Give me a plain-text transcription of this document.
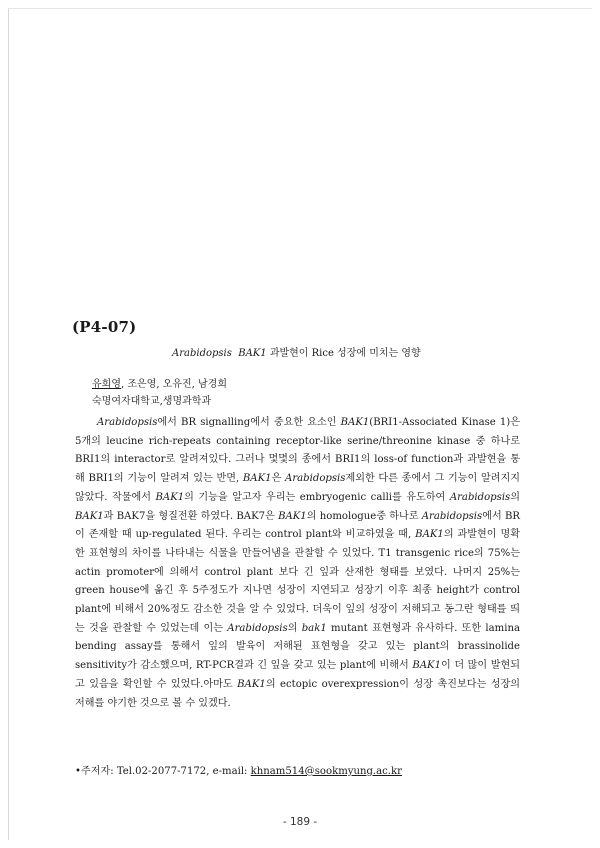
(P4-07)
Arabidopsis BAK1 과발현이 Rice 성장에 미치는 영향
유희영, 조은영, 오유진, 남경희
숙명여자대학교,생명과학과

Arabidopsis에서 BR signalling에서 중요한 요소인 BAK1(BRI1-Associated Kinase 1)은 5개의 leucine rich-repeats containing receptor-like serine/threonine kinase 중 하나로 BRI1의 interactor로 알려져있다. 그러나 몇몇의 종에서 BRI1의 loss-of function과 과발현을 통해 BRI1의 기능이 알려져 있는 반면, BAK1은 Arabidopsis제외한 다른 종에서 그 기능이 알려지지 않았다. 작물에서 BAK1의 기능을 알고자 우리는 embryogenic calli를 유도하여 Arabidopsis의 BAK1과 BAK7을 형질전환 하였다. BAK7은 BAK1의 homologue중 하나로 Arabidopsis에서 BR이 존재할 때 up-regulated 된다. 우리는 control plant와 비교하였을 때, BAK1의 과발현이 명확한 표현형의 차이를 나타내는 식물을 만들어냄을 관찰할 수 있었다. T1 transgenic rice의 75%는 actin promoter에 의해서 control plant 보다 긴 잎과 산재한 형태를 보였다. 나머지 25%는 green house에 옮긴 후 5주정도가 지나면 성장이 지연되고 성장기 이후 최종 height가 control plant에 비해서 20%정도 감소한 것을 알 수 있었다. 더욱이 잎의 성장이 저해되고 동그란 형태를 띄는 것을 관찰할 수 있었는데 이는 Arabidopsis의 bak1 mutant 표현형과 유사하다. 또한 lamina bending assay를 통해서 잎의 발육이 저해된 표현형을 갖고 있는 plant의 brassinolide sensitivity가 감소했으며, RT-PCR결과 긴 잎을 갖고 있는 plant에 비해서 BAK1이 더 많이 발현되고 있음을 확인할 수 있었다.아마도 BAK1의 ectopic overexpression이 성장 촉진보다는 성장의 저해를 야기한 것으로 볼 수 있겠다.

•주저자: Tel.02-2077-7172, e-mail: khnam514@sookmyung.ac.kr
- 189 -
